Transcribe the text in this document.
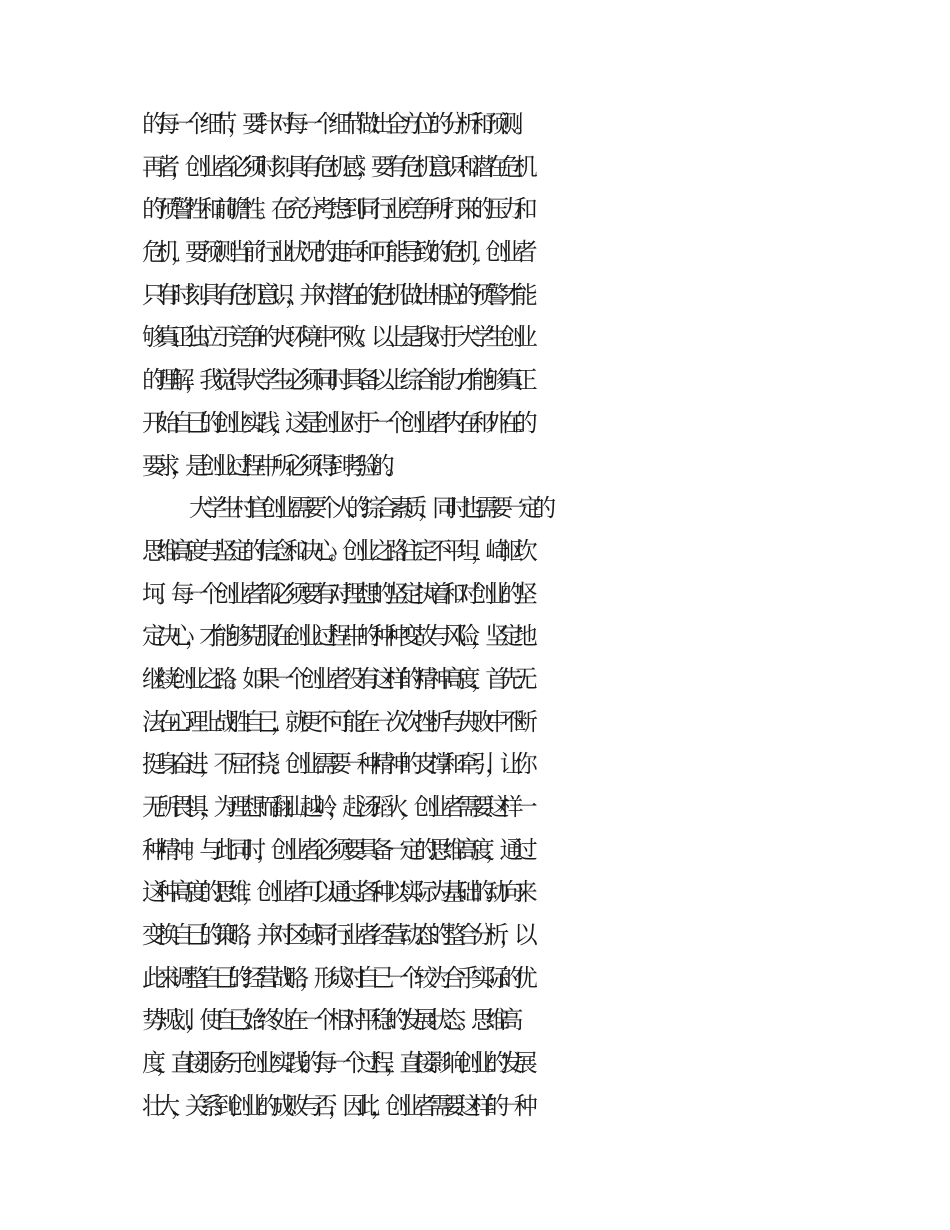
的每一个细节，要针对每一个细节做出全方位的分析和预测。
再者，创业者必须时刻具有危机感，要有危机意识和潜在危机
的预警性和前瞻性。在充分考虑到同行业竞争所打来的压力和
危机，要预测当前行业状况的走向和可能导致的危机，创业者
只有时刻具有危机意识，并对潜在的危机做出相应的预警才能
够真正独立于竞争的大环境中不败。以上是我对于大学生创业
的理解，我觉得大学生必须同时具备以上综合能力才能够真正
开始自己的创业实践，这是创业对于一个创业者内在和外在的
要求，是创业过程中所必须得到考验的。
大学生村官创业需要个人的综合素质，同时也需要一定的
思维高度与坚定的信念和决心。创业之路注定不平坦，崎岖坎
坷。每一个创业者都必须要有对理想的坚定执着和对创业的坚
定决心，才能够克服在创业过程中的种种变故与风险，坚定地
继续创业之路。如果一个创业者没有这样的精神高度，首先无
法在心理上战胜自己，就更不可能在一次次挫折与失败中不断
挺身奋进，不屈不挠。创业需要一种精神的支撑和牵引，让你
无所畏惧，为理想而翻山越岭，赴汤蹈火，创业者需要这样一
种精神。与此同时，创业者必须要具备一定的思维高度，通过
这种高度的思维，创业者可以通过各种以实际为基础的动向来
变换自己的策略，并对区域同行业者经营动态的整合分析，以
此来调整自己的经营战略，形成对自己一个较为合乎实际的优
势规划，使自己始终处在一个相对平稳的发展状态。思维高
度，直接服务于创业实践的每一个过程，直接影响创业的发展
壮大，关系到创业的成败与否，因此，创业者需要这样的一种
